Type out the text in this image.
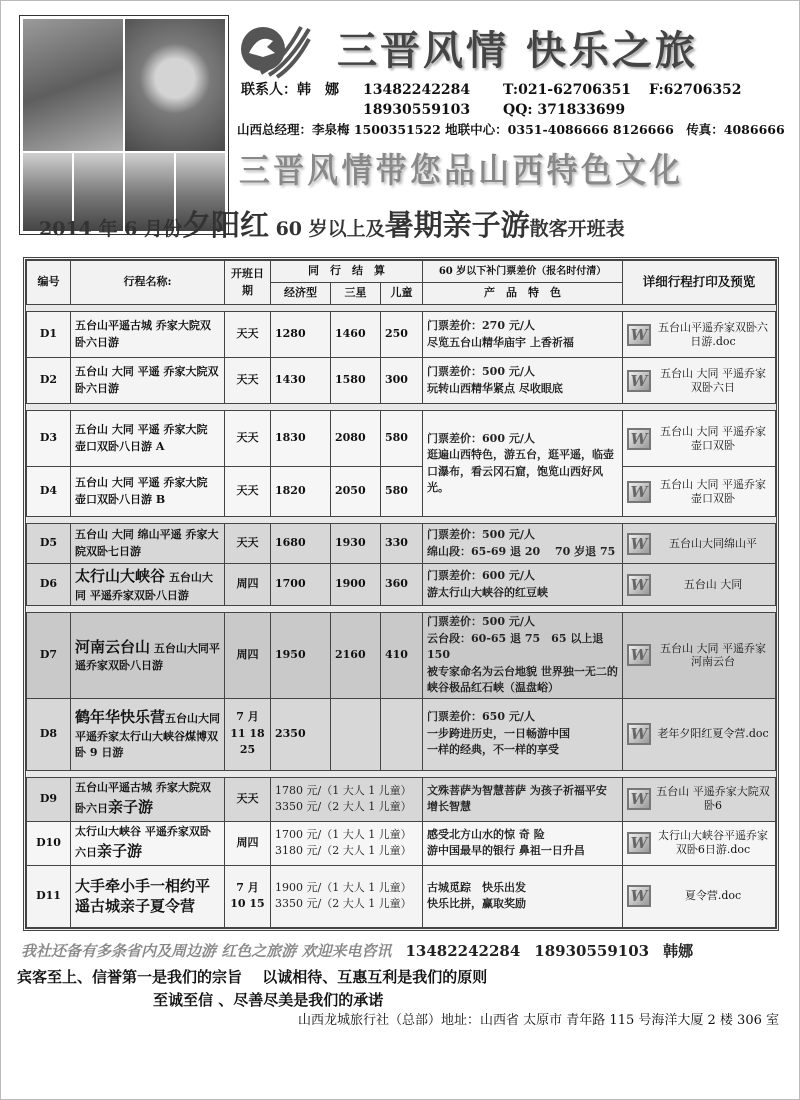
三晋风情 快乐之旅
联系人：韩　娜 13482242284
18930559103
T:021-62706351
QQ: 371833699
F:62706352
山西总经理：李泉梅 1500351522 地联中心：0351-4086666 8126666　传真：4086666
三晋风情带您品山西特色文化
2014 年 6 月份夕阳红 60 岁以上及暑期亲子游散客开班表
编号	行程名称:	开班日期	同　行　结　算			60 岁以下补门票差价（报名时付清）	详细行程打印及预览
			经济型	三星	儿童	产　品　特　色	

D1	五台山平遥古城 乔家大院双卧六日游	天天	1280	1460	250	门票差价：270 元/人
尽览五台山精华庙宇 上香祈福	W 五台山平遥乔家双卧六日游.doc

D2	五台山 大同 平遥 乔家大院双卧六日游	天天	1430	1580	300	门票差价：500 元/人
玩转山西精华紧点 尽收眼底	W 五台山 大同 平遥乔家 双卧六日

D3	五台山 大同 平遥 乔家大院 壶口双卧八日游 A	天天	1830	2080	580	门票差价：600 元/人
逛遍山西特色，游五台，逛平遥，临壶口瀑布，看云冈石窟，饱览山西好风光。	W 五台山 大同 平遥乔家 壶口双卧

D4	五台山 大同 平遥 乔家大院 壶口双卧八日游 B	天天	1820	2050	580		W 五台山 大同 平遥乔家 壶口双卧

D5	五台山 大同 绵山平遥 乔家大院双卧七日游	天天	1680	1930	330	门票差价：500 元/人
绵山段：65-69 退 20　 70 岁退 75	W 五台山大同绵山平

D6	太行山大峡谷 五台山大同 平遥乔家双卧八日游	周四	1700	1900	360	门票差价：600 元/人
游太行山大峡谷的红豆峡	W 五台山 大同

D7	河南云台山 五台山大同平遥乔家双卧八日游	周四	1950	2160	410	门票差价：500 元/人
云台段：60-65 退 75　65 以上退 150
被专家命名为云台地貌 世界独一无二的峡谷极品红石峡（温盘峪）	W 五台山 大同 平遥乔家 河南云台

D8	鹤年华快乐营五台山大同平遥乔家太行山大峡谷煤博双卧 9 日游	7 月 11 18 25	2350			门票差价：650 元/人
一步跨进历史，一日畅游中国
一样的经典，不一样的享受	W 老年夕阳红夏令营.doc

D9	五台山平遥古城 乔家大院双卧六日亲子游	天天	1780 元/（1 大人 1 儿童）
3350 元/（2 大人 1 儿童）			文殊菩萨为智慧菩萨 为孩子祈福平安 增长智慧	W 五台山 平遥乔家大院双卧6

D10	太行山大峡谷 平遥乔家双卧六日亲子游	周四	1700 元/（1 大人 1 儿童）
3180 元/（2 大人 1 儿童）			感受北方山水的惊 奇 险
游中国最早的银行 鼻祖一日升昌	W 太行山大峡谷平遥乔家双卧6日游.doc

D11	大手牵小手一相约平遥古城亲子夏令营	7 月 10 15	1900 元/（1 大人 1 儿童）
3350 元/（2 大人 1 儿童）			古城觅踪　快乐出发
快乐比拼，赢取奖励	W 夏令营.doc
我社还备有多条省内及周边游 红色之旅游 欢迎来电咨讯 13482242284 18930559103 韩娜
宾客至上、信誉第一是我们的宗旨　 以诚相待、互惠互利是我们的原则
至诚至信 、尽善尽美是我们的承诺
山西龙城旅行社（总部）地址：山西省 太原市 青年路 115 号海洋大厦 2 楼 306 室
